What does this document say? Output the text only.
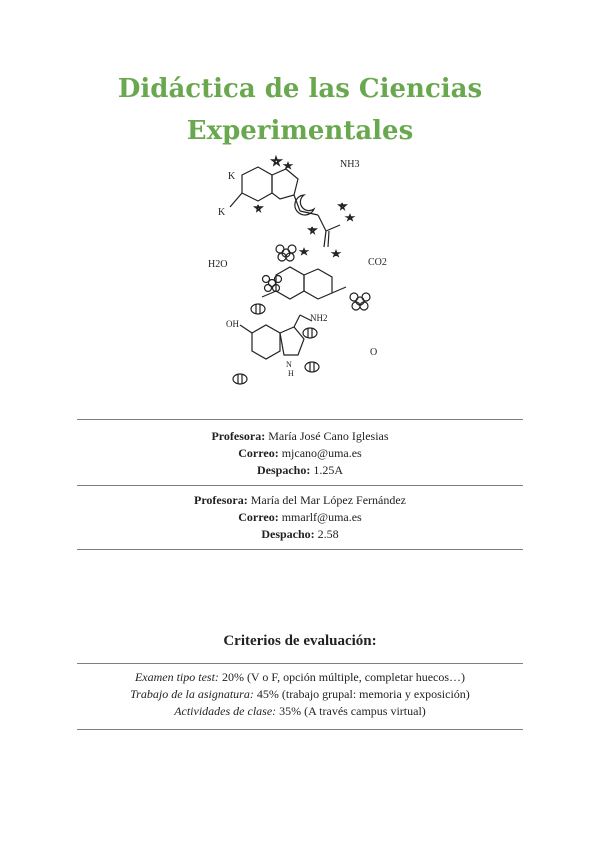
Didáctica de las Ciencias
Experimentales
K
K
NH3
H2O	CO2
NH2
OH
N
H
O

Profesora: María José Cano Iglesias

Correo: mjcano@uma.es

Despacho: 1.25A

Profesora: María del Mar López Fernández

Correo: mmarlf@uma.es

Despacho: 2.58

Criterios de evaluación:

Examen tipo test: 20% (V o F, opción múltiple, completar huecos…)

Trabajo de la asignatura: 45% (trabajo grupal: memoria y exposición)

Actividades de clase: 35% (A través campus virtual)
